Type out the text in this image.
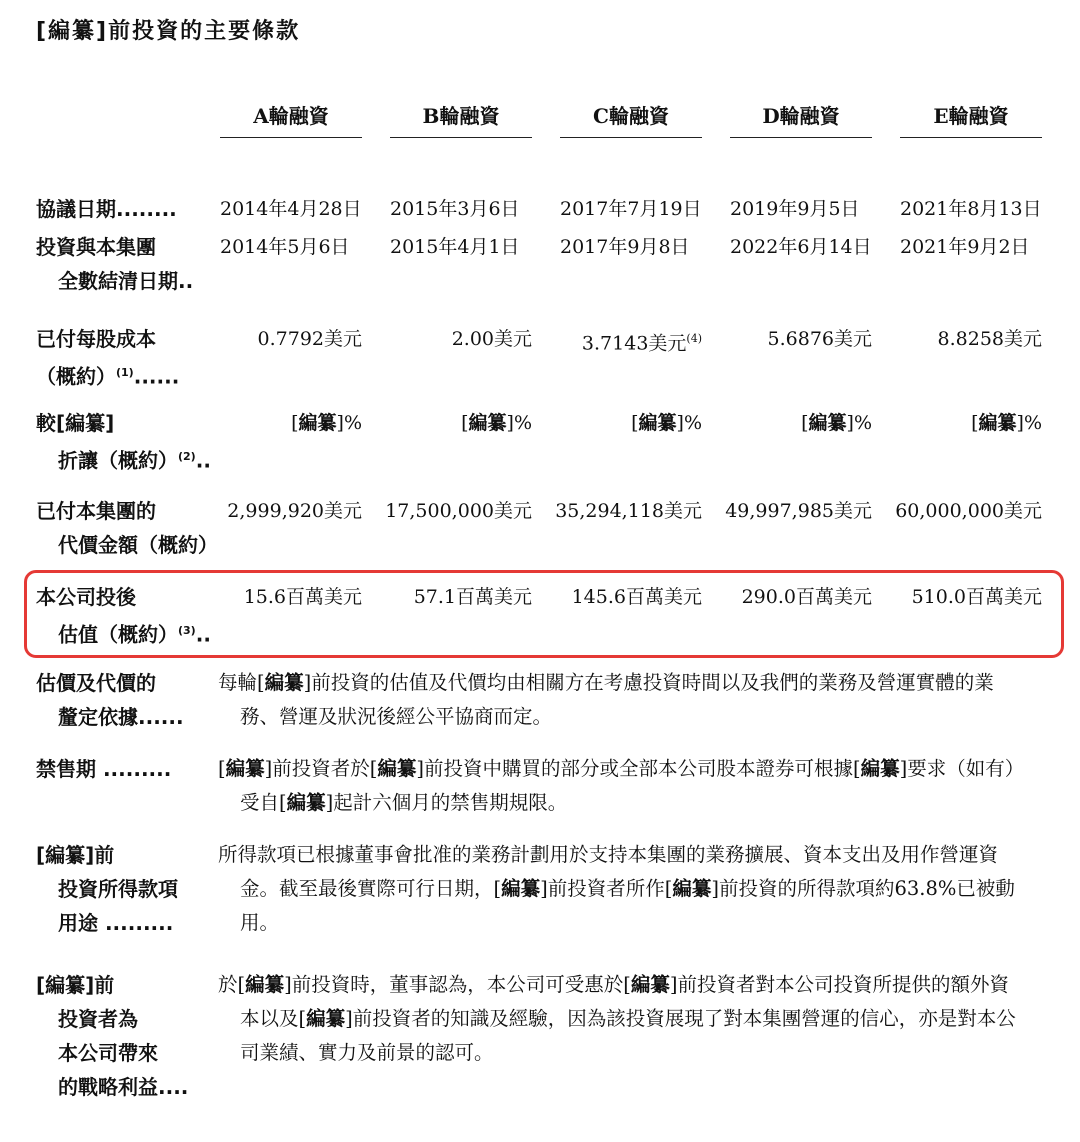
[編纂]前投資的主要條款
A輪融資	B輪融資	C輪融資	D輪融資	E輪融資
協議日期........ 2014年4月28日 2015年3月6日 2017年7月19日 2019年9月5日 2021年8月13日
投資與本集團
全數結清日期..
2014年5月6日 2015年4月1日 2017年9月8日 2022年6月14日 2021年9月2日
已付每股成本
（概約）$^{(1)}$......
0.7792美元	2.00美元	3.7143美元$^{(4)}$	5.6876美元	8.8258美元
較[編纂]
折讓（概約）$^{(2)}$..
[編纂]%	[編纂]%	[編纂]%	[編纂]%	[編纂]%
已付本集團的
代價金額（概約）
2,999,920美元 17,500,000美元 35,294,118美元 49,997,985美元 60,000,000美元
本公司投後
估值（概約）$^{(3)}$..
15.6百萬美元	57.1百萬美元	145.6百萬美元	290.0百萬美元	510.0百萬美元
估價及代價的
釐定依據......
每輪[編纂]前投資的估值及代價均由相關方在考慮投資時間以及我們的業務及營運實體的業
務、營運及狀況後經公平協商而定。
禁售期 ......... [編纂]前投資者於[編纂]前投資中購買的部分或全部本公司股本證券可根據[編纂]要求（如有）
受自[編纂]起計六個月的禁售期規限。
[編纂]前
投資所得款項
用途 .........
所得款項已根據董事會批准的業務計劃用於支持本集團的業務擴展、資本支出及用作營運資
金。截至最後實際可行日期，[編纂]前投資者所作[編纂]前投資的所得款項約63.8%已被動
用。
[編纂]前
投資者為
本公司帶來
的戰略利益....
於[編纂]前投資時，董事認為，本公司可受惠於[編纂]前投資者對本公司投資所提供的額外資
本以及[編纂]前投資者的知識及經驗，因為該投資展現了對本集團營運的信心，亦是對本公
司業績、實力及前景的認可。
